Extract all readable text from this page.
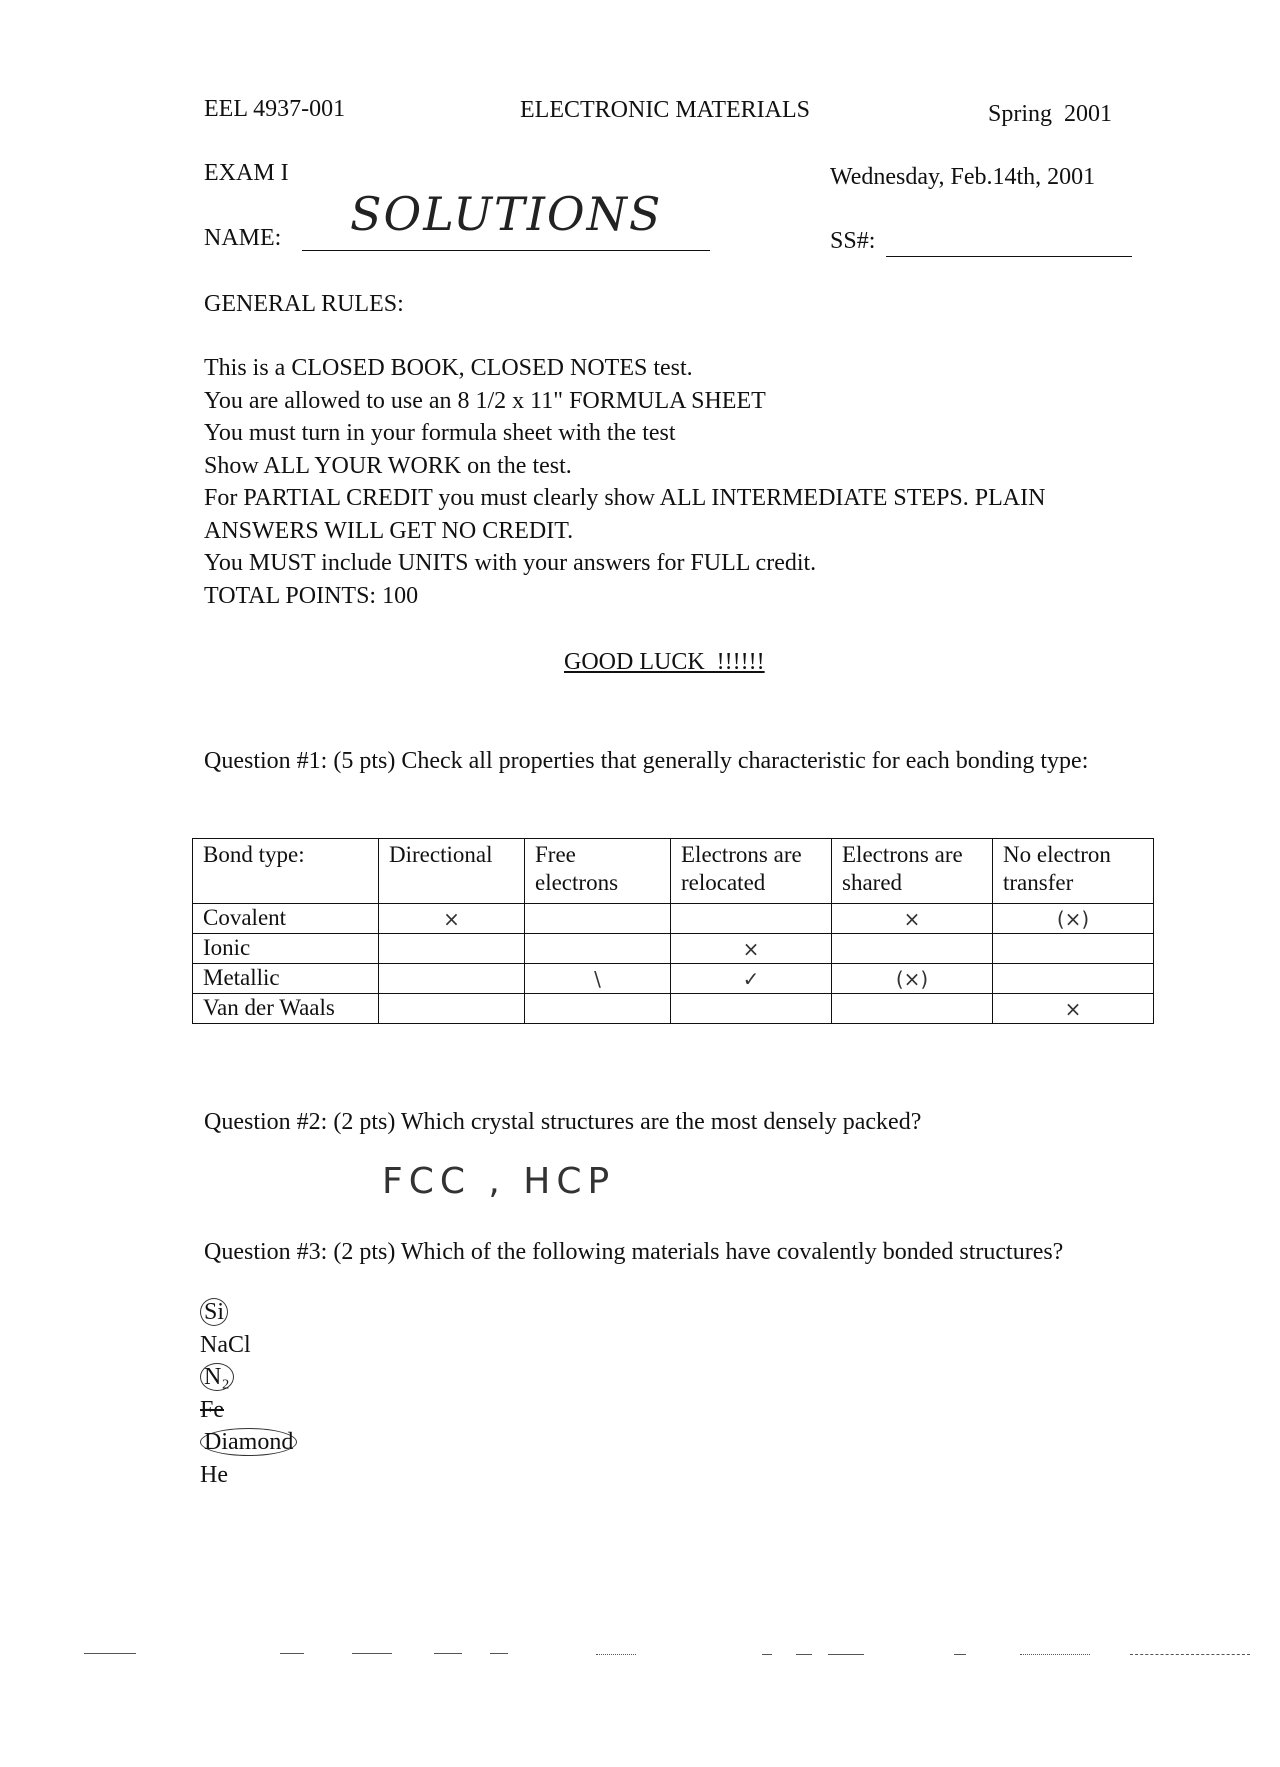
EEL 4937-001	ELECTRONIC MATERIALS	Spring  2001
EXAM I	Wednesday, Feb.14th, 2001
NAME: SOLUTIONS	SS#:
GENERAL RULES:
This is a CLOSED BOOK, CLOSED NOTES test.
You are allowed to use an 8 1/2 x 11" FORMULA SHEET
You must turn in your formula sheet with the test
Show ALL YOUR WORK on the test.
For PARTIAL CREDIT you must clearly show ALL INTERMEDIATE STEPS. PLAIN
ANSWERS WILL GET NO CREDIT.
You MUST include UNITS with your answers for FULL credit.
TOTAL POINTS: 100
GOOD LUCK  !!!!!!
Question #1: (5 pts) Check all properties that generally characteristic for each bonding type:
Bond type:	Directional	Free electrons	Electrons are relocated	Electrons are shared	No electron transfer
Covalent	×			×	(×)
Ionic			×		
Metallic		\	✓	(×)	
Van der Waals					×
Question #2: (2 pts) Which crystal structures are the most densely packed?
FCC , HCP
Question #3: (2 pts) Which of the following materials have covalently bonded structures?
Si
NaCl
N₂
Fe
Diamond
He
